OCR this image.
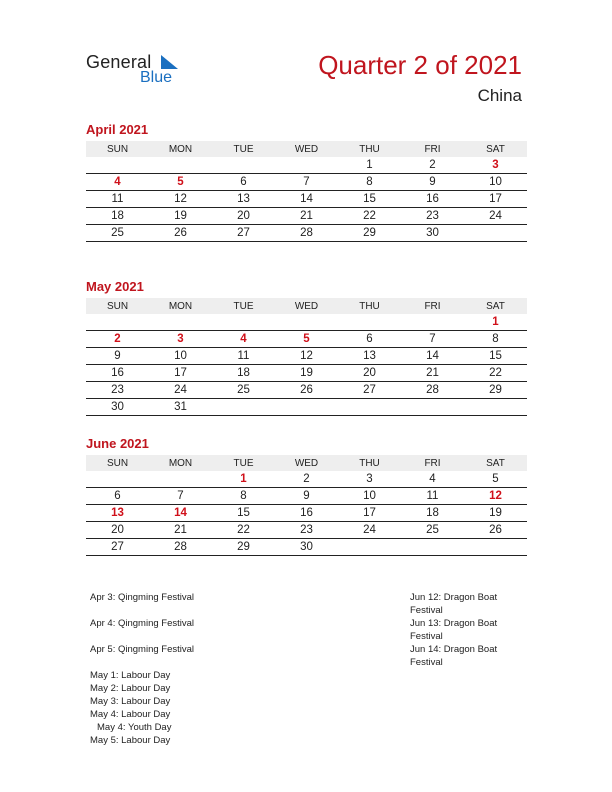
General
Blue	Quarter 2 of 2021
China
April 2021
SUN	MON	TUE	WED	THU	FRI	SAT
				1	2	3
4	5	6	7	8	9	10
11	12	13	14	15	16	17
18	19	20	21	22	23	24
25	26	27	28	29	30	
May 2021
SUN	MON	TUE	WED	THU	FRI	SAT
						1
2	3	4	5	6	7	8
9	10	11	12	13	14	15
16	17	18	19	20	21	22
23	24	25	26	27	28	29
30	31					
June 2021
SUN	MON	TUE	WED	THU	FRI	SAT
		1	2	3	4	5
6	7	8	9	10	11	12
13	14	15	16	17	18	19
20	21	22	23	24	25	26
27	28	29	30			
Apr 3: Qingming Festival
Apr 4: Qingming Festival
Apr 5: Qingming Festival
May 1: Labour Day
May 2: Labour Day
May 3: Labour Day
May 4: Labour Day
May 4: Youth Day
May 5: Labour Day
Jun 12: Dragon Boat Festival
Jun 13: Dragon Boat Festival
Jun 14: Dragon Boat Festival
